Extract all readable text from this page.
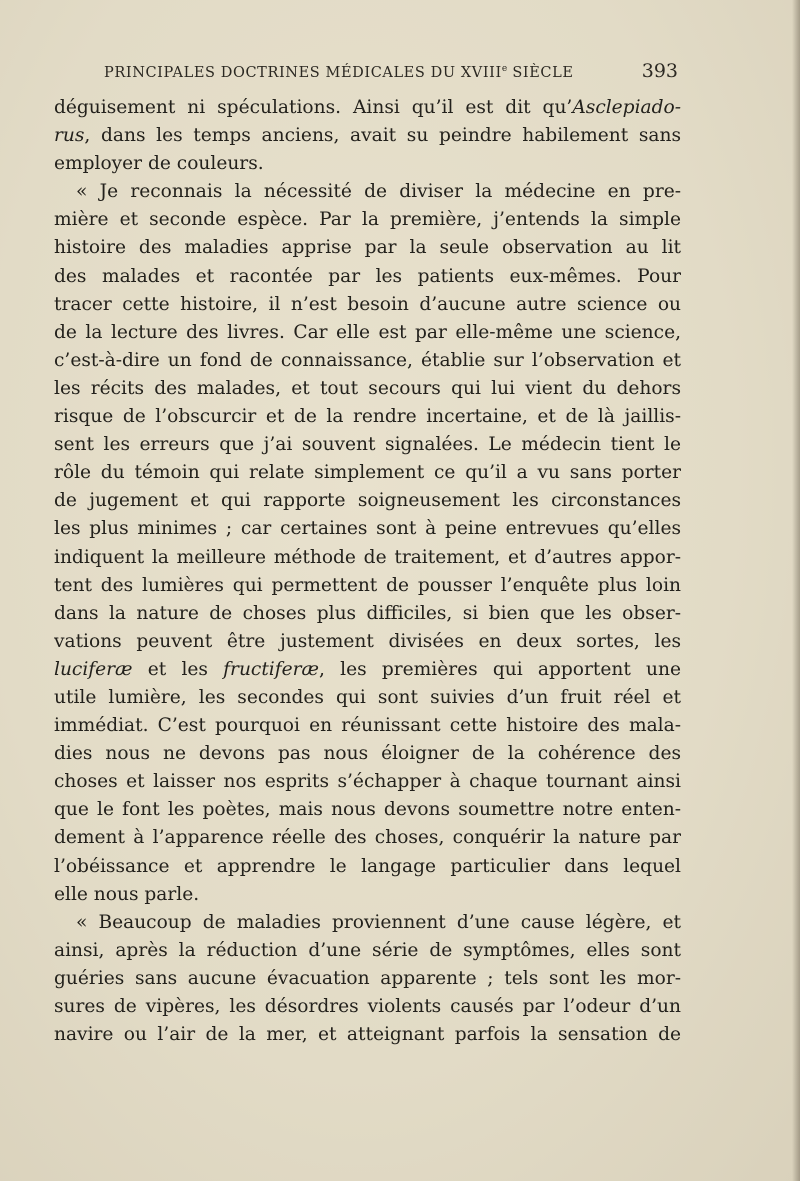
PRINCIPALES DOCTRINES MÉDICALES DU XVIIIe SIÈCLE	393
déguisement ni spéculations. Ainsi qu’il est dit qu’Asclepiado-
rus, dans les temps anciens, avait su peindre habilement sans
employer de couleurs.
« Je reconnais la nécessité de diviser la médecine en pre-
mière et seconde espèce. Par la première, j’entends la simple
histoire des maladies apprise par la seule observation au lit
des malades et racontée par les patients eux-mêmes. Pour
tracer cette histoire, il n’est besoin d’aucune autre science ou
de la lecture des livres. Car elle est par elle-même une science,
c’est-à-dire un fond de connaissance, établie sur l’observation et
les récits des malades, et tout secours qui lui vient du dehors
risque de l’obscurcir et de la rendre incertaine, et de là jaillis-
sent les erreurs que j’ai souvent signalées. Le médecin tient le
rôle du témoin qui relate simplement ce qu’il a vu sans porter
de jugement et qui rapporte soigneusement les circonstances
les plus minimes ; car certaines sont à peine entrevues qu’elles
indiquent la meilleure méthode de traitement, et d’autres appor-
tent des lumières qui permettent de pousser l’enquête plus loin
dans la nature de choses plus difficiles, si bien que les obser-
vations peuvent être justement divisées en deux sortes, les
luciferæ et les fructiferæ, les premières qui apportent une
utile lumière, les secondes qui sont suivies d’un fruit réel et
immédiat. C’est pourquoi en réunissant cette histoire des mala-
dies nous ne devons pas nous éloigner de la cohérence des
choses et laisser nos esprits s’échapper à chaque tournant ainsi
que le font les poètes, mais nous devons soumettre notre enten-
dement à l’apparence réelle des choses, conquérir la nature par
l’obéissance et apprendre le langage particulier dans lequel
elle nous parle.
« Beaucoup de maladies proviennent d’une cause légère, et
ainsi, après la réduction d’une série de symptômes, elles sont
guéries sans aucune évacuation apparente ; tels sont les mor-
sures de vipères, les désordres violents causés par l’odeur d’un
navire ou l’air de la mer, et atteignant parfois la sensation de
